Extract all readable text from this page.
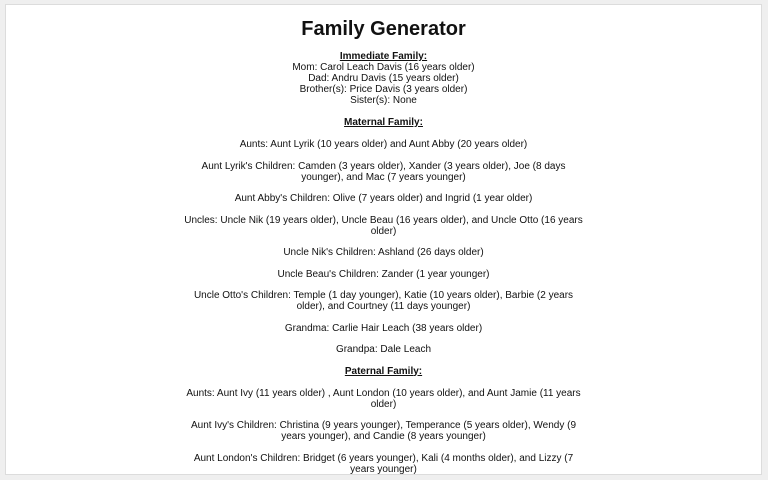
Family Generator

Immediate Family:

Mom: Carol Leach Davis (16 years older)

Dad: Andru Davis (15 years older)

Brother(s): Price Davis (3 years older)

Sister(s): None

Maternal Family:

Aunts: Aunt Lyrik (10 years older) and Aunt Abby (20 years older)

Aunt Lyrik's Children: Camden (3 years older), Xander (3 years older), Joe (8 days younger), and Mac (7 years younger)

Aunt Abby's Children: Olive (7 years older) and Ingrid (1 year older)

Uncles: Uncle Nik (19 years older), Uncle Beau (16 years older), and Uncle Otto (16 years older)

Uncle Nik's Children: Ashland (26 days older)

Uncle Beau's Children: Zander (1 year younger)

Uncle Otto's Children: Temple (1 day younger), Katie (10 years older), Barbie (2 years older), and Courtney (11 days younger)

Grandma: Carlie Hair Leach (38 years older)

Grandpa: Dale Leach

Paternal Family:

Aunts: Aunt Ivy (11 years older) , Aunt London (10 years older), and Aunt Jamie (11 years older)

Aunt Ivy's Children: Christina (9 years younger), Temperance (5 years older), Wendy (9 years younger), and Candie (8 years younger)

Aunt London's Children: Bridget (6 years younger), Kali (4 months older), and Lizzy (7 years younger)
